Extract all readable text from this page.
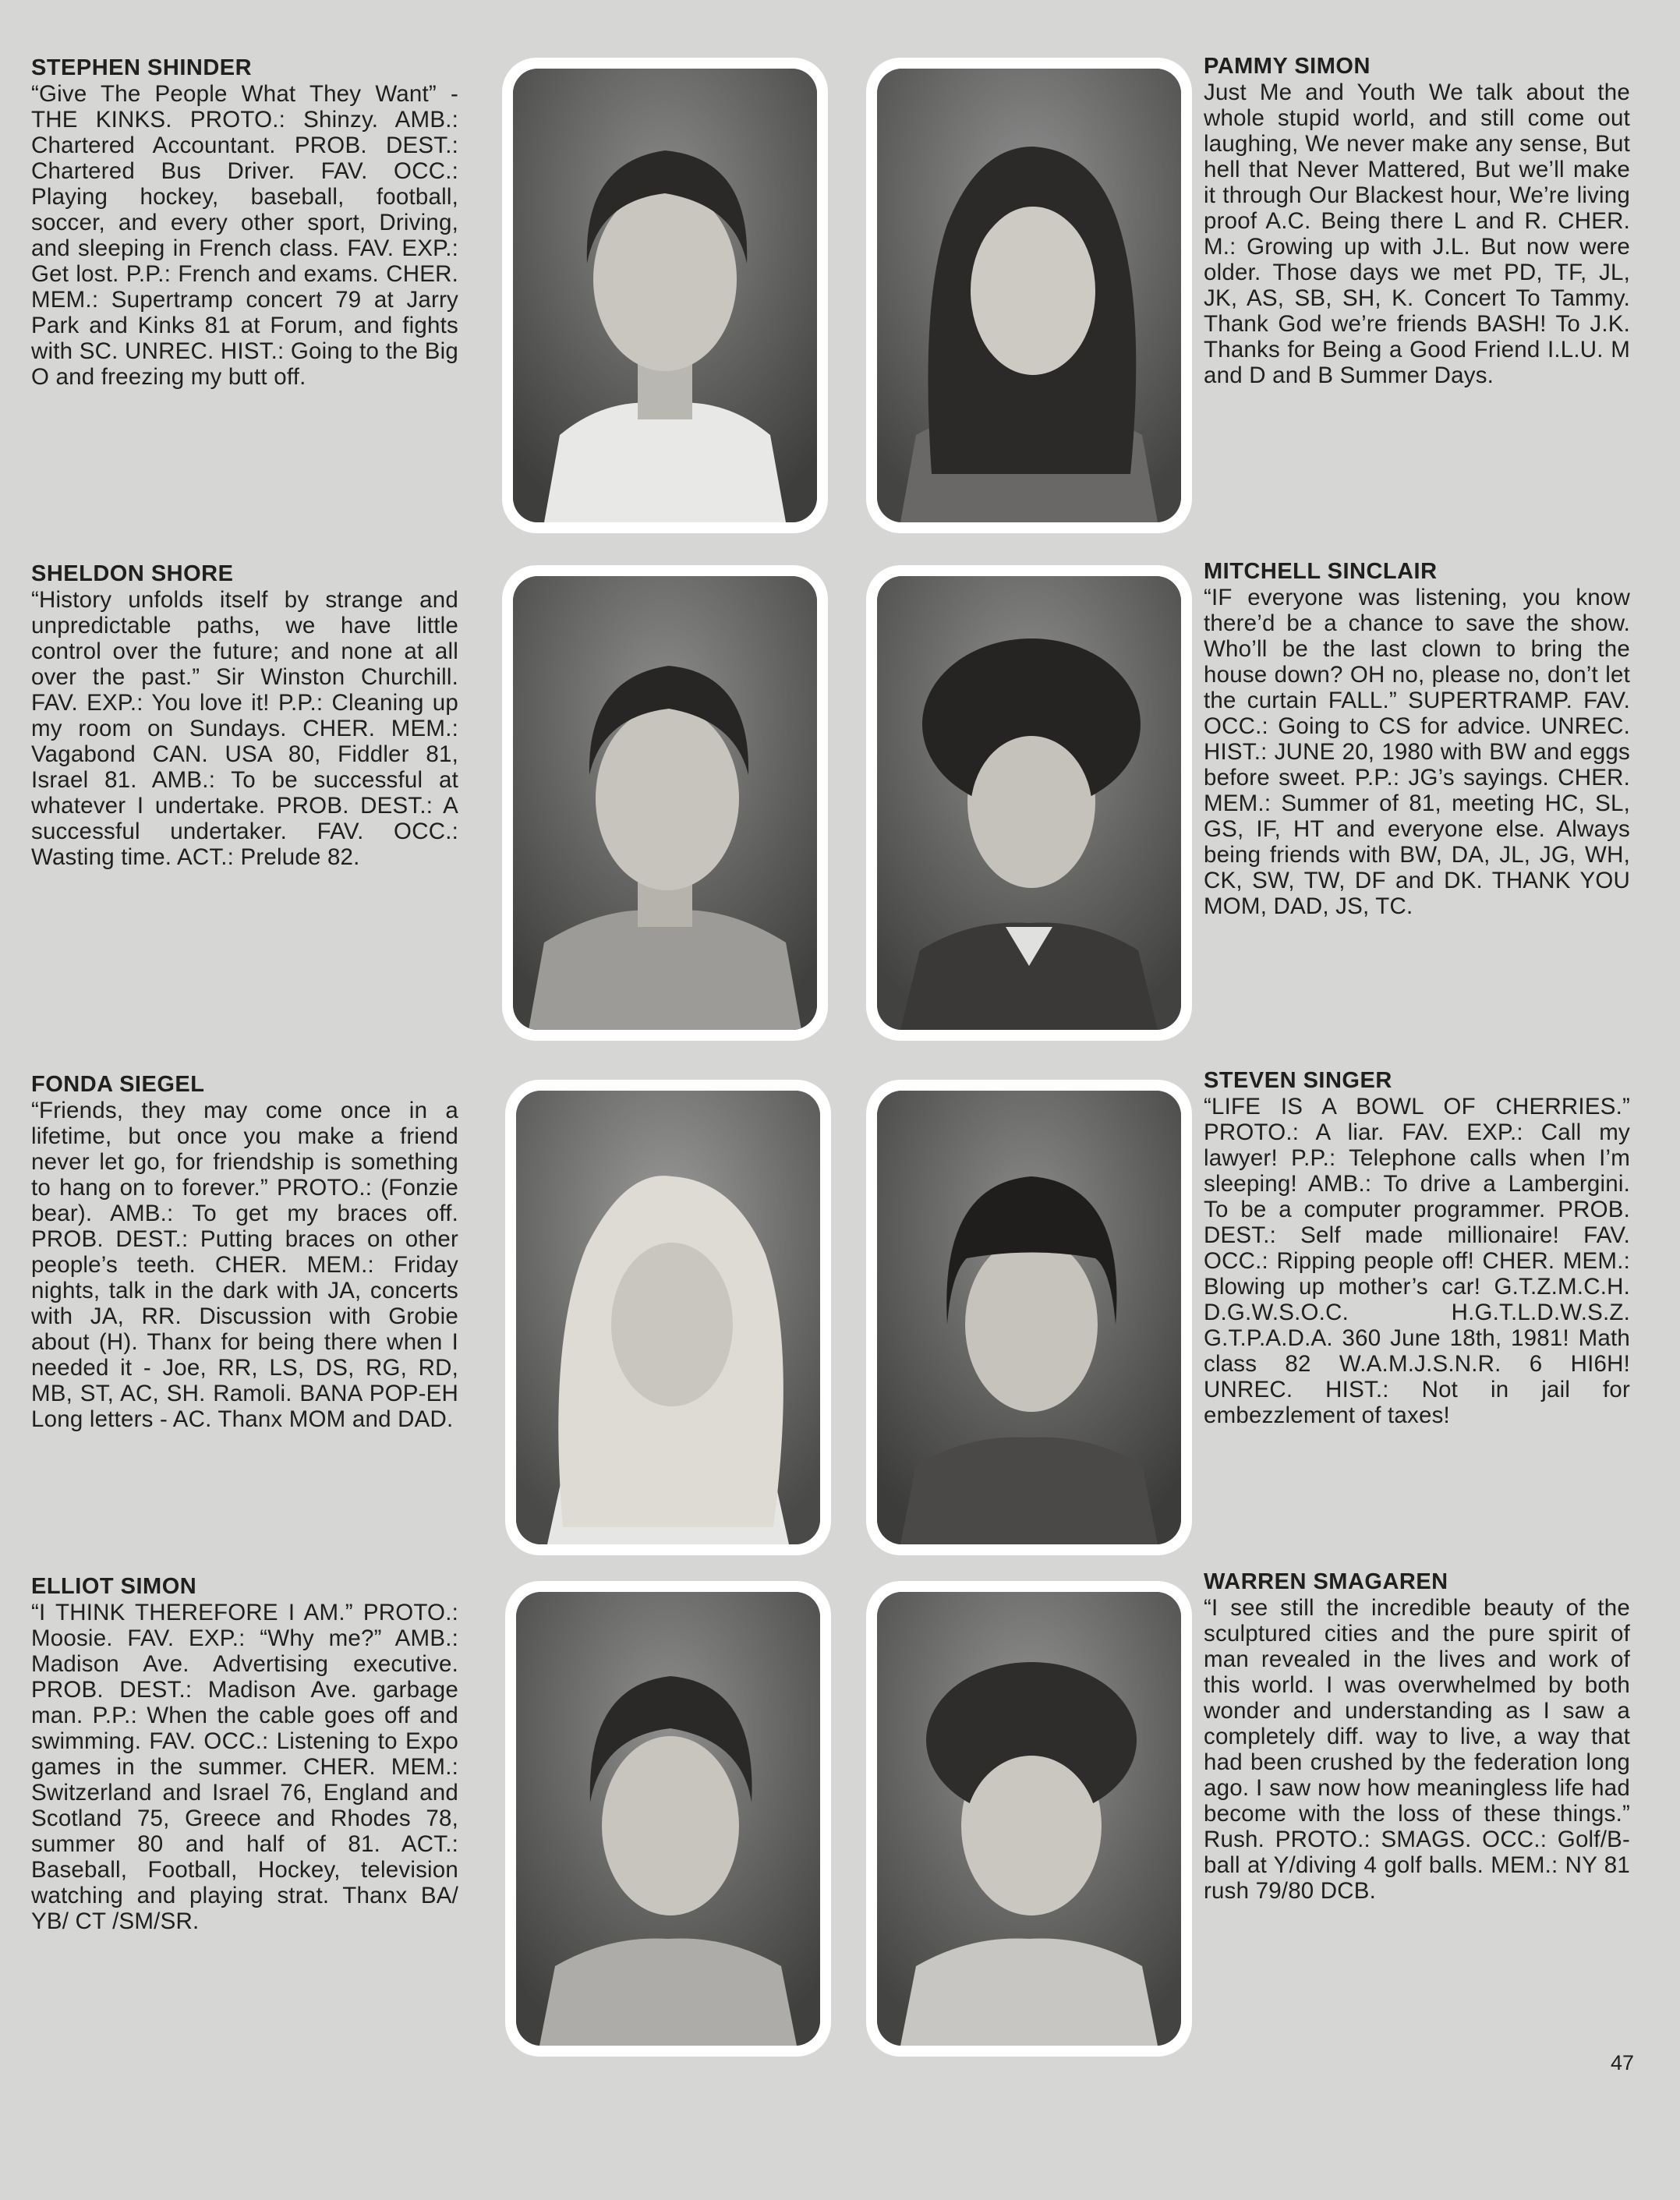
STEPHEN SHINDER
“Give The People What They Want” - THE KINKS. PROTO.: Shinzy. AMB.: Chartered Accountant. PROB. DEST.: Chartered Bus Driver. FAV. OCC.: Playing hockey, baseball, football, soccer, and every other sport, Driving, and sleeping in French class. FAV. EXP.: Get lost. P.P.: French and exams. CHER. MEM.: Supertramp concert 79 at Jarry Park and Kinks 81 at Forum, and fights with SC. UNREC. HIST.: Going to the Big O and freezing my butt off.
PAMMY SIMON
Just Me and Youth We talk about the whole stupid world, and still come out laughing, We never make any sense, But hell that Never Mattered, But we’ll make it through Our Blackest hour, We’re living proof A.C. Being there L and R. CHER. M.: Growing up with J.L. But now were older. Those days we met PD, TF, JL, JK, AS, SB, SH, K. Concert To Tammy. Thank God we’re friends BASH! To J.K. Thanks for Being a Good Friend I.L.U. M and D and B Summer Days.
SHELDON SHORE
“History unfolds itself by strange and unpredictable paths, we have little control over the future; and none at all over the past.” Sir Winston Churchill. FAV. EXP.: You love it! P.P.: Cleaning up my room on Sundays. CHER. MEM.: Vagabond CAN. USA 80, Fiddler 81, Israel 81. AMB.: To be successful at whatever I undertake. PROB. DEST.: A successful undertaker. FAV. OCC.: Wasting time. ACT.: Prelude 82.
MITCHELL SINCLAIR
“IF everyone was listening, you know there’d be a chance to save the show. Who’ll be the last clown to bring the house down? OH no, please no, don’t let the curtain FALL.” SUPERTRAMP. FAV. OCC.: Going to CS for advice. UNREC. HIST.: JUNE 20, 1980 with BW and eggs before sweet. P.P.: JG’s sayings. CHER. MEM.: Summer of 81, meeting HC, SL, GS, IF, HT and everyone else. Always being friends with BW, DA, JL, JG, WH, CK, SW, TW, DF and DK. THANK YOU MOM, DAD, JS, TC.
FONDA SIEGEL
“Friends, they may come once in a lifetime, but once you make a friend never let go, for friendship is something to hang on to forever.” PROTO.: (Fonzie bear). AMB.: To get my braces off. PROB. DEST.: Putting braces on other people’s teeth. CHER. MEM.: Friday nights, talk in the dark with JA, concerts with JA, RR. Discussion with Grobie about (H). Thanx for being there when I needed it - Joe, RR, LS, DS, RG, RD, MB, ST, AC, SH. Ramoli. BANA POP-EH Long letters - AC. Thanx MOM and DAD.
STEVEN SINGER
“LIFE IS A BOWL OF CHERRIES.” PROTO.: A liar. FAV. EXP.: Call my lawyer! P.P.: Telephone calls when I’m sleeping! AMB.: To drive a Lambergini. To be a computer programmer. PROB. DEST.: Self made millionaire! FAV. OCC.: Ripping people off! CHER. MEM.: Blowing up mother’s car! G.T.Z.M.C.H. D.G.W.S.O.C. H.G.T.L.D.W.S.Z. G.T.P.A.D.A. 360 June 18th, 1981! Math class 82 W.A.M.J.S.N.R. 6 HI6H! UNREC. HIST.: Not in jail for embezzlement of taxes!
ELLIOT SIMON
“I THINK THEREFORE I AM.” PROTO.: Moosie. FAV. EXP.: “Why me?” AMB.: Madison Ave. Advertising executive. PROB. DEST.: Madison Ave. garbage man. P.P.: When the cable goes off and swimming. FAV. OCC.: Listening to Expo games in the summer. CHER. MEM.: Switzerland and Israel 76, England and Scotland 75, Greece and Rhodes 78, summer 80 and half of 81. ACT.: Baseball, Football, Hockey, television watching and playing strat. Thanx BA/ YB/ CT /SM/SR.
WARREN SMAGAREN
“I see still the incredible beauty of the sculptured cities and the pure spirit of man revealed in the lives and work of this world. I was overwhelmed by both wonder and understanding as I saw a completely diff. way to live, a way that had been crushed by the federation long ago. I saw now how meaningless life had become with the loss of these things.” Rush. PROTO.: SMAGS. OCC.: Golf/B-ball at Y/diving 4 golf balls. MEM.: NY 81 rush 79/80 DCB.
47
